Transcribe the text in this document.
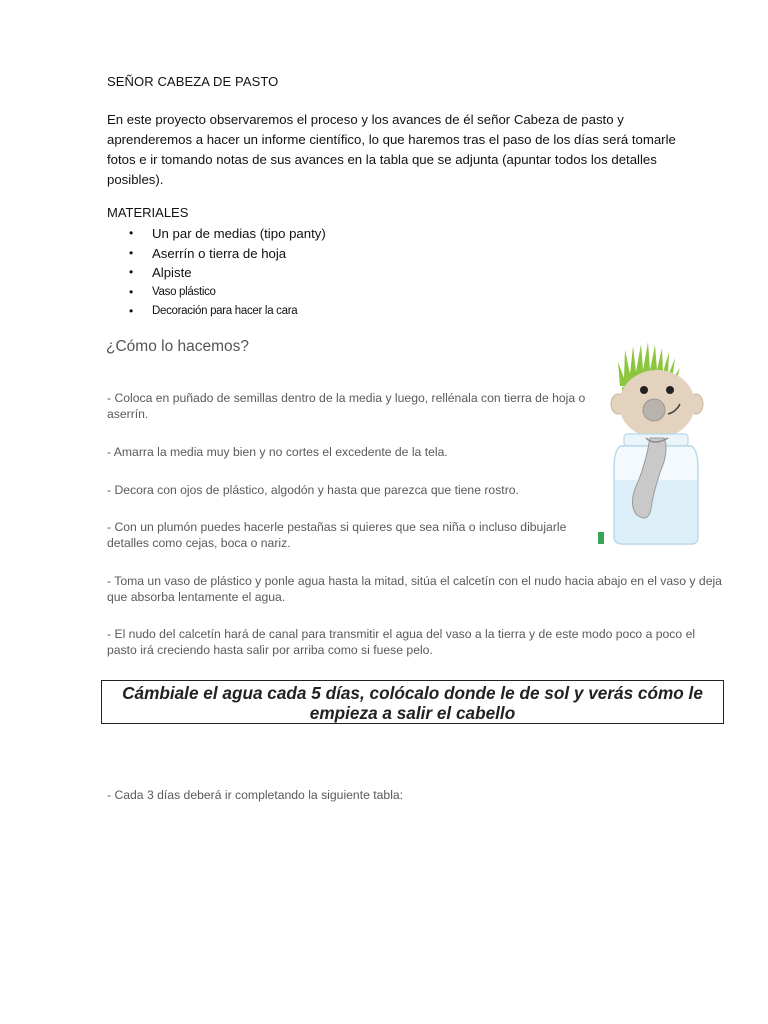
SEÑOR CABEZA DE PASTO
En este proyecto observaremos el proceso y los avances de él señor Cabeza de pasto y aprenderemos a hacer un informe científico, lo que haremos tras el paso de los días será tomarle fotos e ir tomando notas de sus avances en la tabla que se adjunta (apuntar todos los detalles posibles).
MATERIALES
• Un par de medias (tipo panty)
• Aserrín o tierra de hoja
• Alpiste
• Vaso plástico
• Decoración para hacer la cara
¿Cómo lo hacemos?
- Coloca en puñado de semillas dentro de la media y luego, rellénala con tierra de hoja o aserrín.
- Amarra la media muy bien y no cortes el excedente de la tela.
- Decora con ojos de plástico, algodón y hasta que parezca que tiene rostro.
- Con un plumón puedes hacerle pestañas si quieres que sea niña o incluso dibujarle detalles como cejas, boca o nariz.
- Toma un vaso de plástico y ponle agua hasta la mitad, sitúa el calcetín con el nudo hacia abajo en el vaso y deja que absorba lentamente el agua.
- El nudo del calcetín hará de canal para transmitir el agua del vaso a la tierra y de este modo poco a poco el pasto irá creciendo hasta salir por arriba como si fuese pelo.
Cámbiale el agua cada 5 días, colócalo donde le de sol y verás cómo le empieza a salir el cabello
- Cada 3 días deberá ir completando la siguiente tabla:
